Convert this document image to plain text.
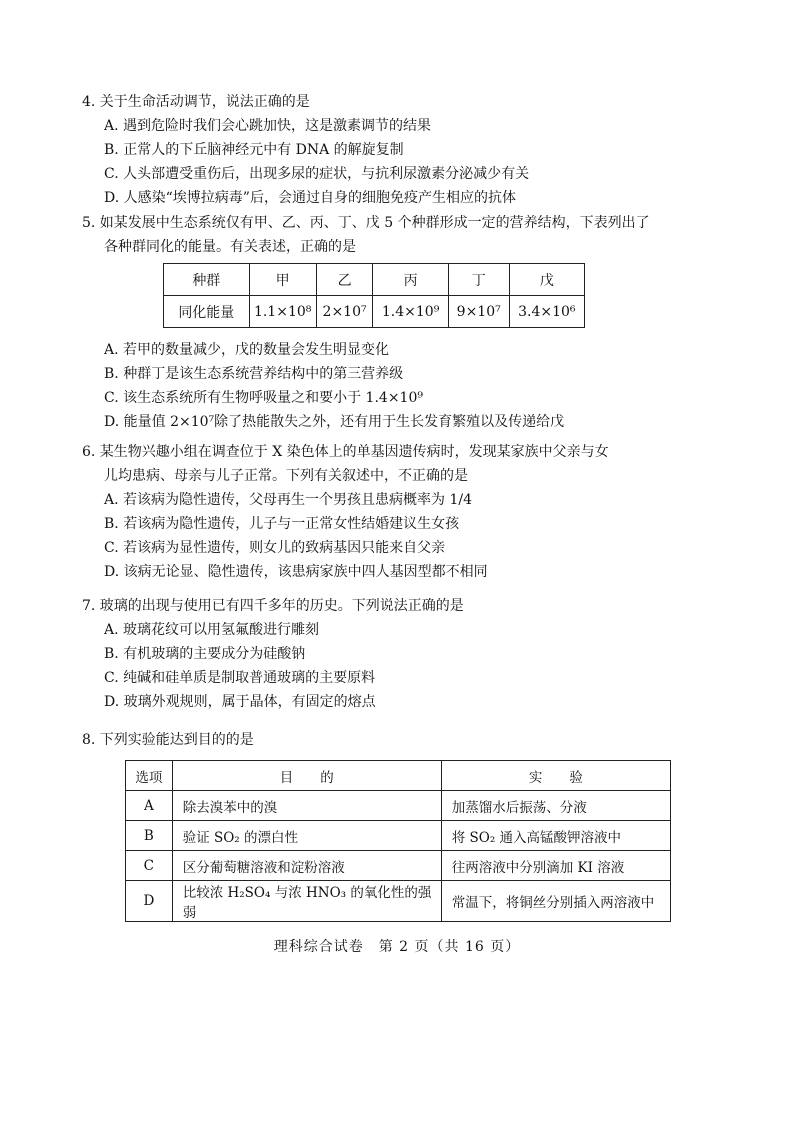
4. 关于生命活动调节，说法正确的是
A. 遇到危险时我们会心跳加快，这是激素调节的结果
B. 正常人的下丘脑神经元中有 DNA 的解旋复制
C. 人头部遭受重伤后，出现多尿的症状，与抗利尿激素分泌减少有关
D. 人感染“埃博拉病毒”后，会通过自身的细胞免疫产生相应的抗体
5. 如某发展中生态系统仅有甲、乙、丙、丁、戊 5 个种群形成一定的营养结构，下表列出了
各种群同化的能量。有关表述，正确的是
种群	甲	乙	丙	丁	戊
同化能量	1.1×10⁸	2×10⁷	1.4×10⁹	9×10⁷	3.4×10⁶
A. 若甲的数量减少，戊的数量会发生明显变化
B. 种群丁是该生态系统营养结构中的第三营养级
C. 该生态系统所有生物呼吸量之和要小于 1.4×10⁹
D. 能量值 2×10⁷除了热能散失之外，还有用于生长发育繁殖以及传递给戊
6. 某生物兴趣小组在调查位于 X 染色体上的单基因遗传病时，发现某家族中父亲与女
儿均患病、母亲与儿子正常。下列有关叙述中，不正确的是
A. 若该病为隐性遗传，父母再生一个男孩且患病概率为 1/4
B. 若该病为隐性遗传，儿子与一正常女性结婚建议生女孩
C. 若该病为显性遗传，则女儿的致病基因只能来自父亲
D. 该病无论显、隐性遗传，该患病家族中四人基因型都不相同
7. 玻璃的出现与使用已有四千多年的历史。下列说法正确的是
A. 玻璃花纹可以用氢氟酸进行雕刻
B. 有机玻璃的主要成分为硅酸钠
C. 纯碱和硅单质是制取普通玻璃的主要原料
D. 玻璃外观规则，属于晶体，有固定的熔点
8. 下列实验能达到目的的是
选项	目　　的	实　　验
A	除去溴苯中的溴	加蒸馏水后振荡、分液
B	验证 SO₂ 的漂白性	将 SO₂ 通入高锰酸钾溶液中
C	区分葡萄糖溶液和淀粉溶液	往两溶液中分别滴加 KI 溶液
D	比较浓 H₂SO₄ 与浓 HNO₃ 的氧化性的强弱	常温下，将铜丝分别插入两溶液中
理科综合试卷　第 2 页（共 16 页）
